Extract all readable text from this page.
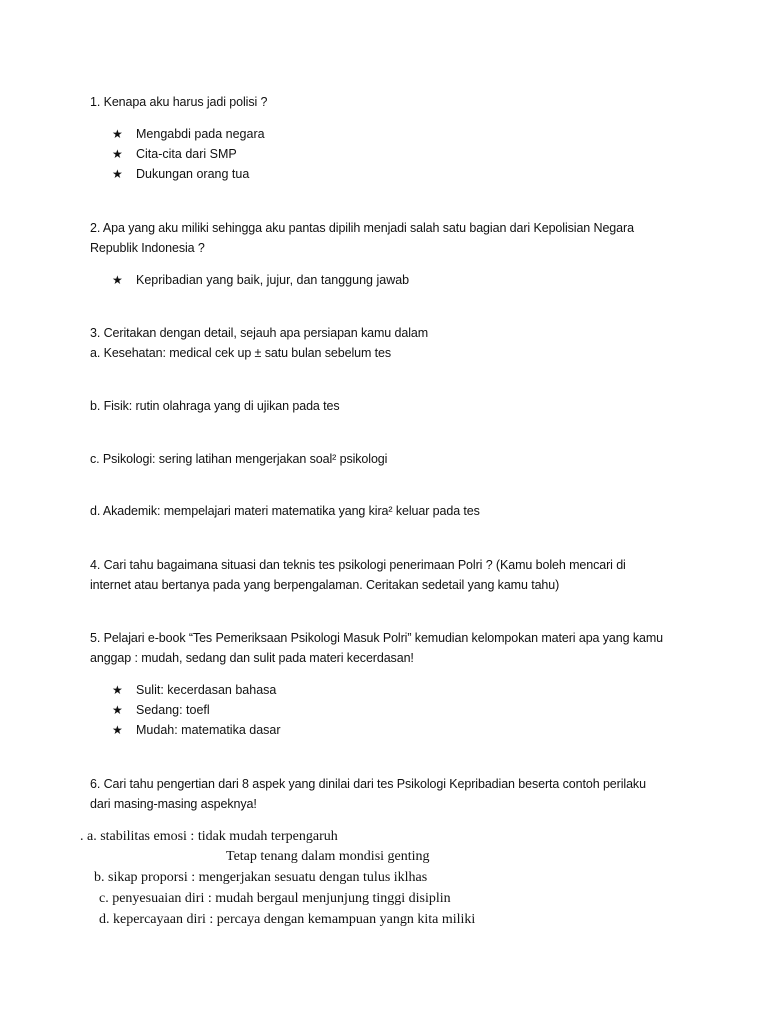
1. Kenapa aku harus jadi polisi ?
★	Mengabdi pada negara
★	Cita-cita dari SMP
★	Dukungan orang tua
2. Apa yang aku miliki sehingga aku pantas dipilih menjadi salah satu bagian dari Kepolisian Negara
Republik Indonesia ?
★	Kepribadian yang baik, jujur, dan tanggung jawab
3. Ceritakan dengan detail, sejauh apa persiapan kamu dalam
a. Kesehatan: medical cek up ± satu bulan sebelum tes
b. Fisik: rutin olahraga yang di ujikan pada tes
c. Psikologi: sering latihan mengerjakan soal² psikologi
d. Akademik: mempelajari materi matematika yang kira² keluar pada tes
4. Cari tahu bagaimana situasi dan teknis tes psikologi penerimaan Polri ? (Kamu boleh mencari di
internet atau bertanya pada yang berpengalaman. Ceritakan sedetail yang kamu tahu)
5. Pelajari e-book “Tes Pemeriksaan Psikologi Masuk Polri” kemudian kelompokan materi apa yang kamu
anggap : mudah, sedang dan sulit pada materi kecerdasan!
★	Sulit: kecerdasan bahasa
★	Sedang: toefl
★	Mudah: matematika dasar
6. Cari tahu pengertian dari 8 aspek yang dinilai dari tes Psikologi Kepribadian beserta contoh perilaku
dari masing-masing aspeknya!
. a. stabilitas emosi : tidak mudah terpengaruh
Tetap tenang dalam mondisi genting
b. sikap proporsi : mengerjakan sesuatu dengan tulus iklhas
c. penyesuaian diri : mudah bergaul menjunjung tinggi disiplin
d. kepercayaan diri : percaya dengan kemampuan yangn kita miliki
